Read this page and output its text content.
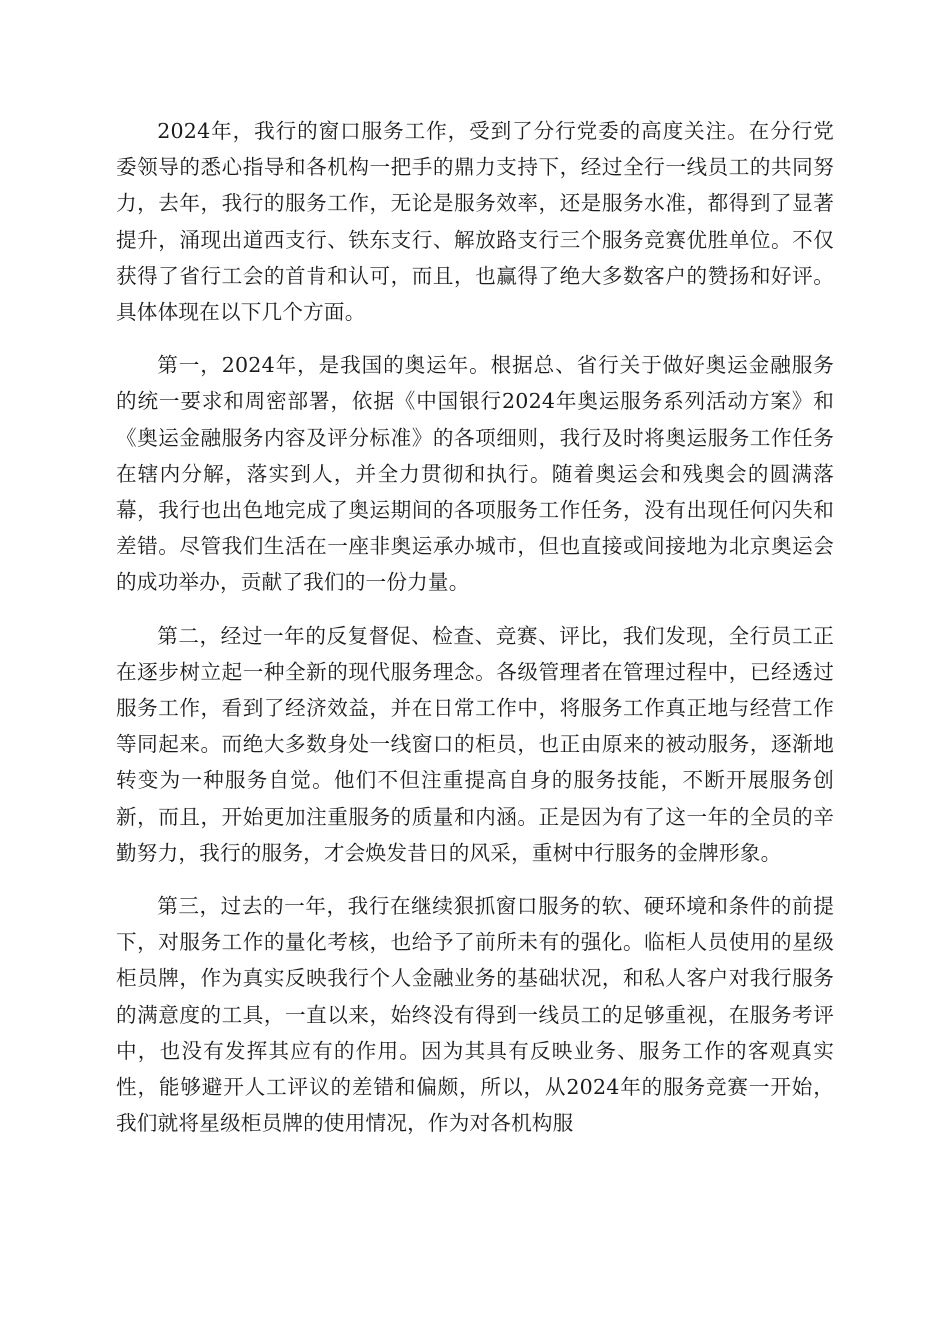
2024年，我行的窗口服务工作，受到了分行党委的高度关注。在分行党委领导的悉心指导和各机构一把手的鼎力支持下，经过全行一线员工的共同努力，去年，我行的服务工作，无论是服务效率，还是服务水准，都得到了显著提升，涌现出道西支行、铁东支行、解放路支行三个服务竞赛优胜单位。不仅获得了省行工会的首肯和认可，而且，也赢得了绝大多数客户的赞扬和好评。具体体现在以下几个方面。

第一，2024年，是我国的奥运年。根据总、省行关于做好奥运金融服务的统一要求和周密部署，依据《中国银行2024年奥运服务系列活动方案》和《奥运金融服务内容及评分标准》的各项细则，我行及时将奥运服务工作任务在辖内分解，落实到人，并全力贯彻和执行。随着奥运会和残奥会的圆满落幕，我行也出色地完成了奥运期间的各项服务工作任务，没有出现任何闪失和差错。尽管我们生活在一座非奥运承办城市，但也直接或间接地为北京奥运会的成功举办，贡献了我们的一份力量。

第二，经过一年的反复督促、检查、竞赛、评比，我们发现，全行员工正在逐步树立起一种全新的现代服务理念。各级管理者在管理过程中，已经透过服务工作，看到了经济效益，并在日常工作中，将服务工作真正地与经营工作等同起来。而绝大多数身处一线窗口的柜员，也正由原来的被动服务，逐渐地转变为一种服务自觉。他们不但注重提高自身的服务技能，不断开展服务创新，而且，开始更加注重服务的质量和内涵。正是因为有了这一年的全员的辛勤努力，我行的服务，才会焕发昔日的风采，重树中行服务的金牌形象。

第三，过去的一年，我行在继续狠抓窗口服务的软、硬环境和条件的前提下，对服务工作的量化考核，也给予了前所未有的强化。临柜人员使用的星级柜员牌，作为真实反映我行个人金融业务的基础状况，和私人客户对我行服务的满意度的工具，一直以来，始终没有得到一线员工的足够重视，在服务考评中，也没有发挥其应有的作用。因为其具有反映业务、服务工作的客观真实性，能够避开人工评议的差错和偏颇，所以，从2024年的服务竞赛一开始，我们就将星级柜员牌的使用情况，作为对各机构服
